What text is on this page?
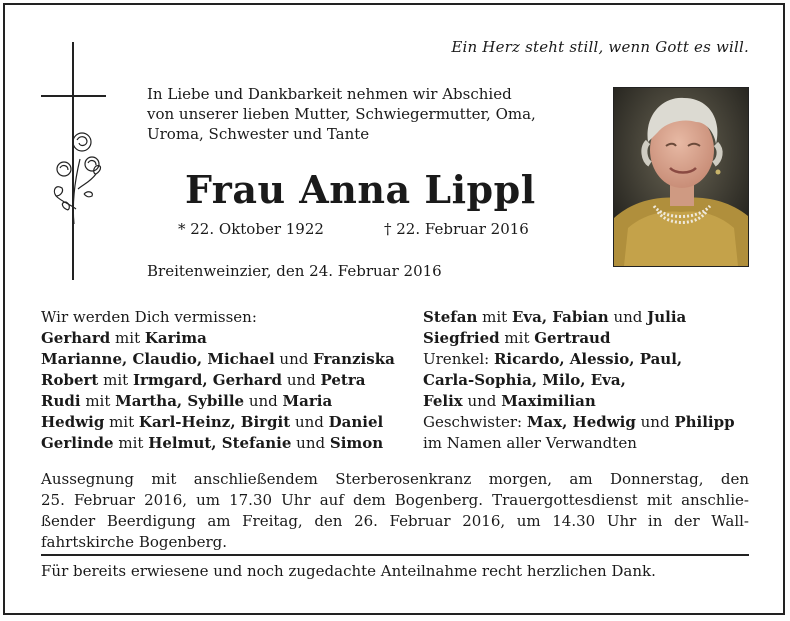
Ein Herz steht still, wenn Gott es will.
In Liebe und Dankbarkeit nehmen wir Abschied
von unserer lieben Mutter, Schwiegermutter, Oma,
Uroma, Schwester und Tante
Frau Anna Lippl
* 22. Oktober 1922	† 22. Februar 2016
Breitenweinzier, den 24. Februar 2016
Wir werden Dich vermissen:
Gerhard mit Karima
Marianne, Claudio, Michael und Franziska
Robert mit Irmgard, Gerhard und Petra
Rudi mit Martha, Sybille und Maria
Hedwig mit Karl-Heinz, Birgit und Daniel
Gerlinde mit Helmut, Stefanie und Simon
Stefan mit Eva, Fabian und Julia
Siegfried mit Gertraud
Urenkel: Ricardo, Alessio, Paul,
Carla-Sophia, Milo, Eva,
Felix und Maximilian
Geschwister: Max, Hedwig und Philipp
im Namen aller Verwandten
Aussegnung mit anschließendem Sterberosenkranz morgen, am Donnerstag, den
25. Februar 2016, um 17.30 Uhr auf dem Bogenberg. Trauergottesdienst mit anschlie-
ßender Beerdigung am Freitag, den 26. Februar 2016, um 14.30 Uhr in der Wall-
fahrtskirche Bogenberg.
Für bereits erwiesene und noch zugedachte Anteilnahme recht herzlichen Dank.
